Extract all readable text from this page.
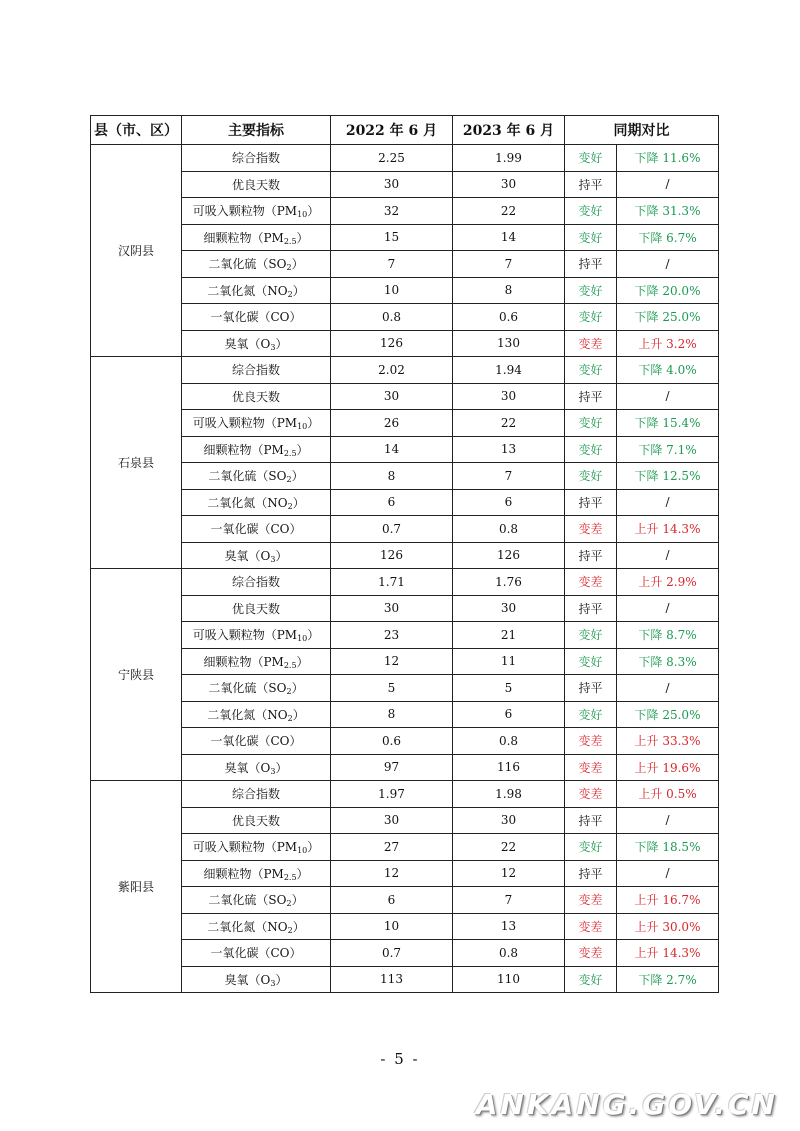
县（市、区）	主要指标	2022 年 6 月	2023 年 6 月	同期对比	
汉阴县	综合指数	2.25	1.99	变好	下降 11.6%
	优良天数	30	30	持平	/
	可吸入颗粒物$(PM_{10})$	32	22	变好	下降 31.3%
	细颗粒物$(PM_{2.5})$	15	14	变好	下降 6.7%
	二氧化硫$(SO_2)$	7	7	持平	/
	二氧化氮$(NO_2)$	10	8	变好	下降 20.0%
	一氧化碳（CO）	0.8	0.6	变好	下降 25.0%
	臭氧$(O_3)$	126	130	变差	上升 3.2%
石泉县	综合指数	2.02	1.94	变好	下降 4.0%
	优良天数	30	30	持平	/
	可吸入颗粒物$(PM_{10})$	26	22	变好	下降 15.4%
	细颗粒物$(PM_{2.5})$	14	13	变好	下降 7.1%
	二氧化硫$(SO_2)$	8	7	变好	下降 12.5%
	二氧化氮$(NO_2)$	6	6	持平	/
	一氧化碳（CO）	0.7	0.8	变差	上升 14.3%
	臭氧$(O_3)$	126	126	持平	/
宁陕县	综合指数	1.71	1.76	变差	上升 2.9%
	优良天数	30	30	持平	/
	可吸入颗粒物$(PM_{10})$	23	21	变好	下降 8.7%
	细颗粒物$(PM_{2.5})$	12	11	变好	下降 8.3%
	二氧化硫$(SO_2)$	5	5	持平	/
	二氧化氮$(NO_2)$	8	6	变好	下降 25.0%
	一氧化碳（CO）	0.6	0.8	变差	上升 33.3%
	臭氧$(O_3)$	97	116	变差	上升 19.6%
紫阳县	综合指数	1.97	1.98	变差	上升 0.5%
	优良天数	30	30	持平	/
	可吸入颗粒物$(PM_{10})$	27	22	变好	下降 18.5%
	细颗粒物$(PM_{2.5})$	12	12	持平	/
	二氧化硫$(SO_2)$	6	7	变差	上升 16.7%
	二氧化氮$(NO_2)$	10	13	变差	上升 30.0%
	一氧化碳（CO）	0.7	0.8	变差	上升 14.3%
	臭氧$(O_3)$	113	110	变好	下降 2.7%
- 5 -
ANKANG.GOV.CN
